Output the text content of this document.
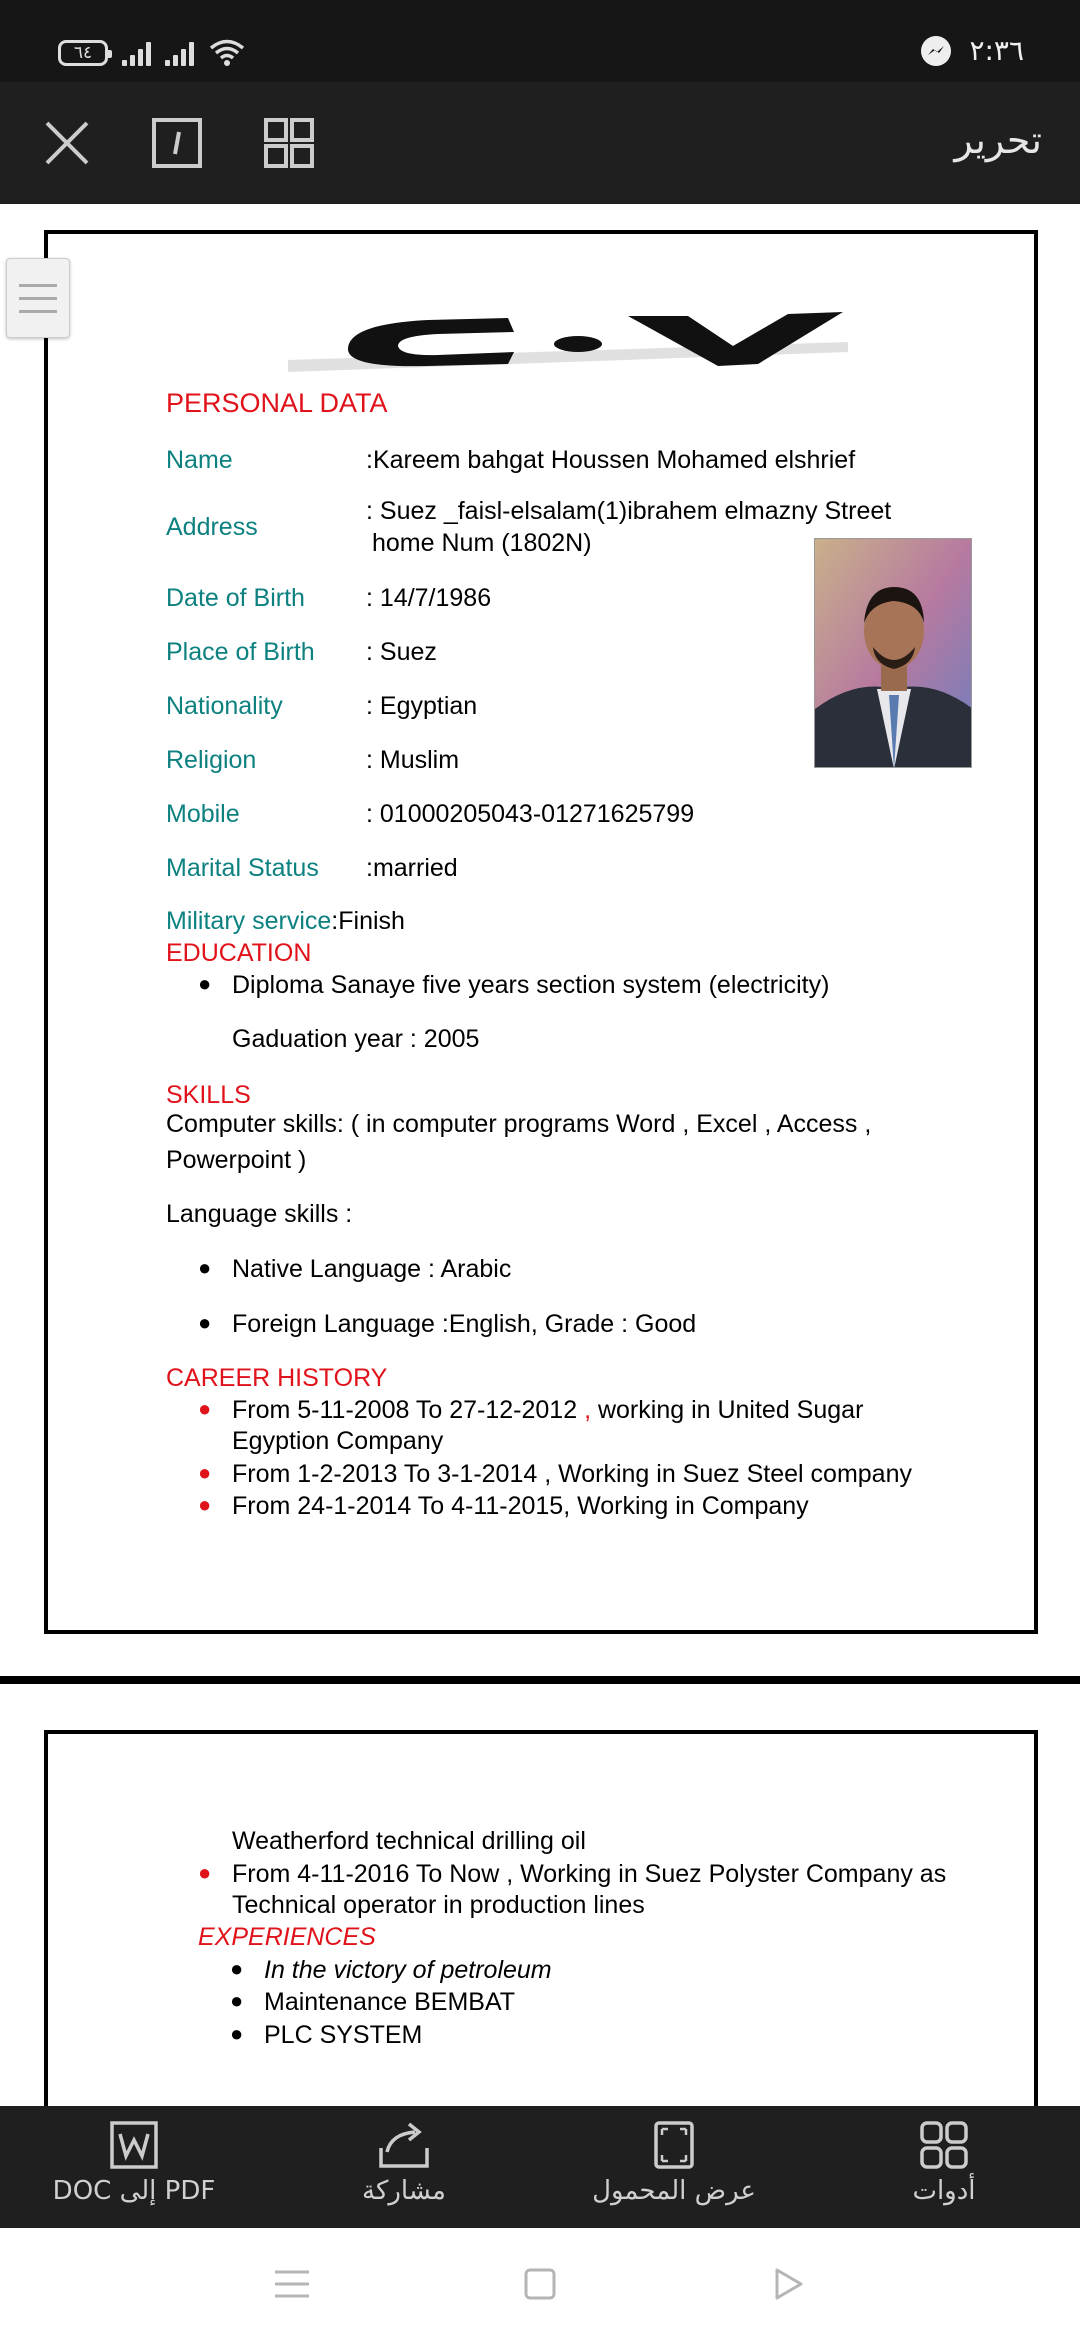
٦٤	٢:٣٦
تحرير
C.V
PERSONAL DATA
Name	:Kareem bahgat Houssen Mohamed elshrief
Address
: Suez _faisl-elsalam(1)ibrahem elmazny Street
home Num (1802N)
Date of Birth : 14/7/1986
Place of Birth : Suez
Nationality	: Egyptian
Religion	: Muslim
Mobile	: 01000205043-01271625799
Marital Status :married
Military service:Finish
EDUCATION
● Diploma Sanaye five years section system (electricity)
Gaduation year : 2005
SKILLS
Computer skills: ( in computer programs Word , Excel , Access ,
Powerpoint )
Language skills :
● Native Language : Arabic
● Foreign Language :English, Grade : Good
CAREER HISTORY
● From 5-11-2008 To 27-12-2012 , working in United Sugar
Egyption Company
● From 1-2-2013 To 3-1-2014 , Working in Suez Steel company
● From 24-1-2014 To 4-11-2015, Working in Company
Weatherford technical drilling oil
● From 4-11-2016 To Now , Working in Suez Polyster Company as
Technical operator in production lines
EXPERIENCES
● In the victory of petroleum
● Maintenance BEMBAT
● PLC SYSTEM
DOC إلى PDF	مشاركة	عرض المحمول	أدوات
